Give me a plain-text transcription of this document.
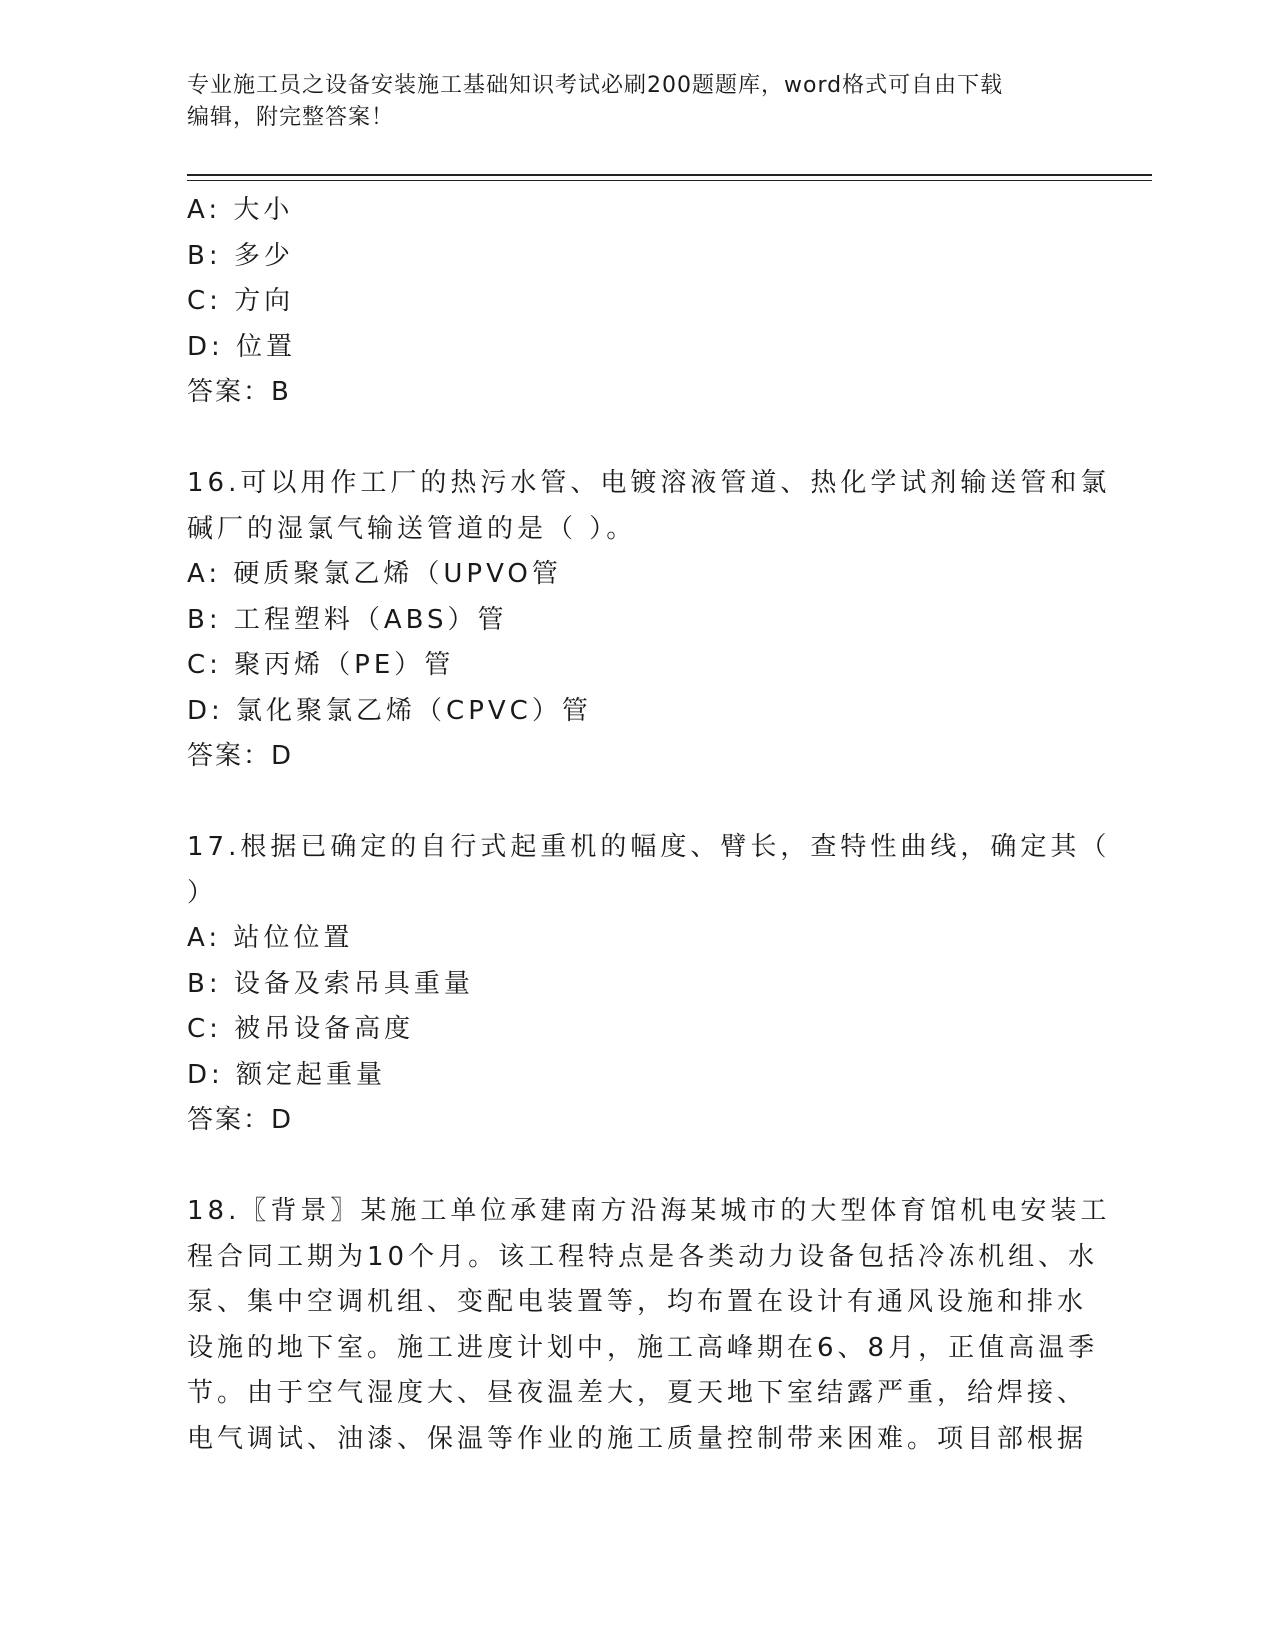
专业施工员之设备安装施工基础知识考试必刷200题题库，word格式可自由下载
编辑，附完整答案！
A: 大小
B: 多少
C: 方向
D: 位置
答案：B
16.可以用作工厂的热污水管、电镀溶液管道、热化学试剂输送管和氯
碱厂的湿氯气输送管道的是（ ）。
A: 硬质聚氯乙烯（UPVO管
B: 工程塑料（ABS）管
C: 聚丙烯（PE）管
D: 氯化聚氯乙烯（CPVC）管
答案：D
17.根据已确定的自行式起重机的幅度、臂长，查特性曲线，确定其（
）
A: 站位位置
B: 设备及索吊具重量
C: 被吊设备高度
D: 额定起重量
答案：D
18.〖背景〗某施工单位承建南方沿海某城市的大型体育馆机电安装工
程合同工期为10个月。该工程特点是各类动力设备包括冷冻机组、水
泵、集中空调机组、变配电装置等，均布置在设计有通风设施和排水
设施的地下室。施工进度计划中，施工高峰期在6、8月，正值高温季
节。由于空气湿度大、昼夜温差大，夏天地下室结露严重，给焊接、
电气调试、油漆、保温等作业的施工质量控制带来困难。项目部根据
